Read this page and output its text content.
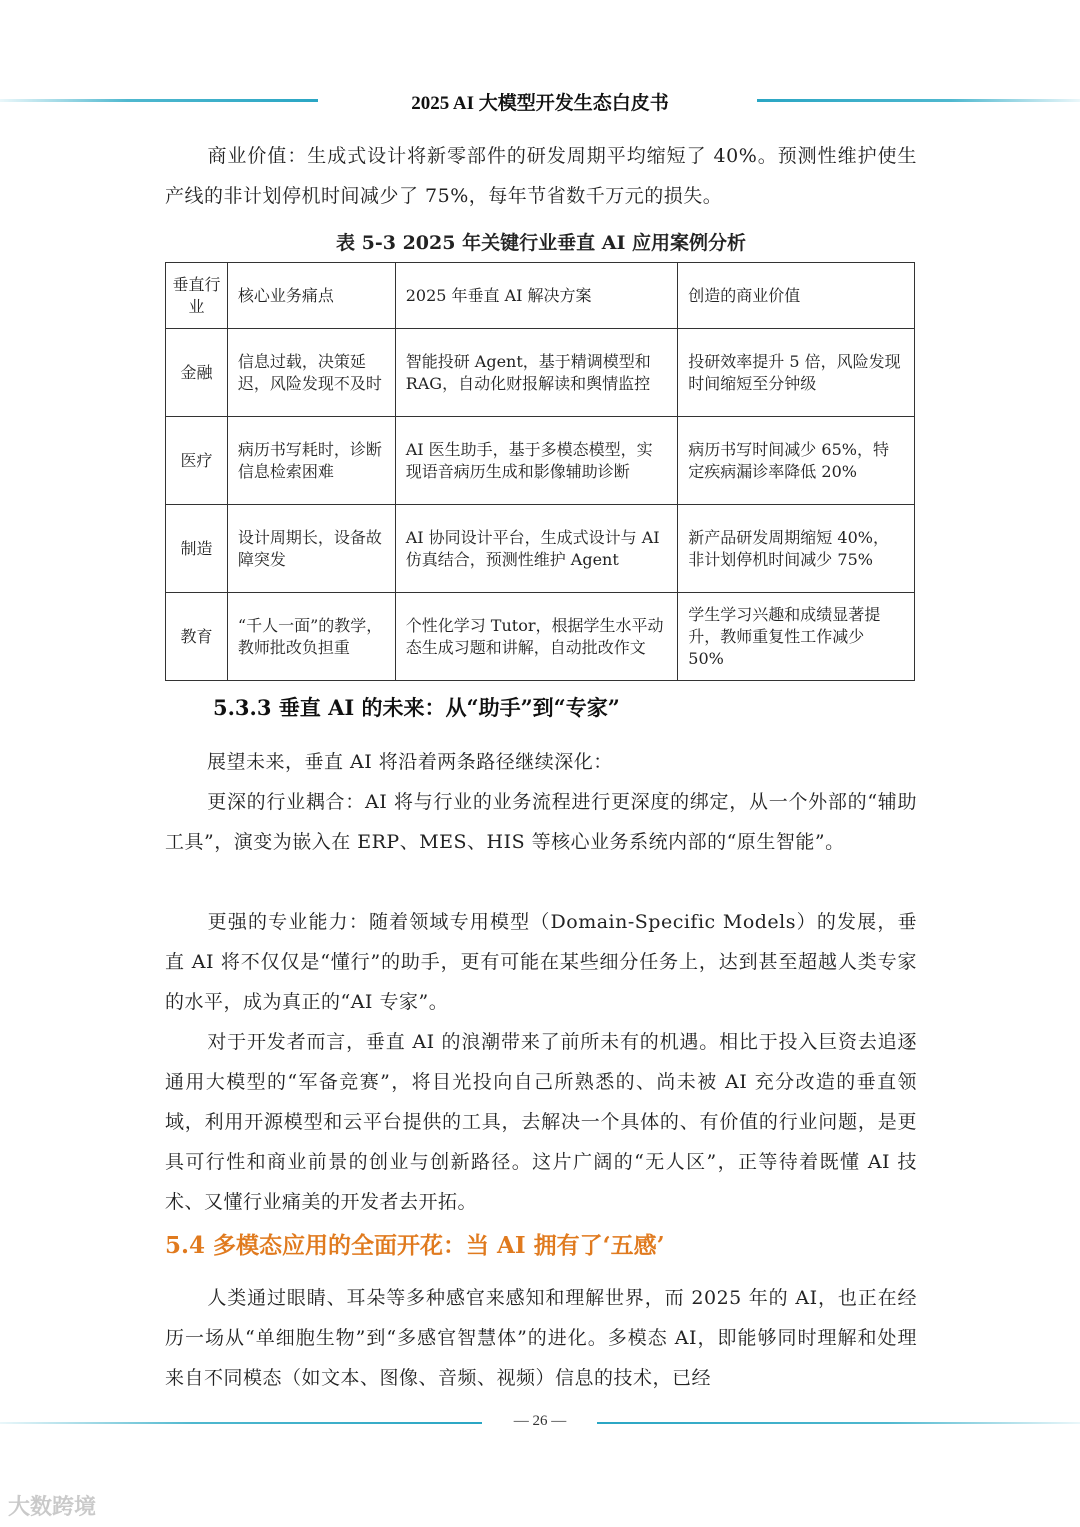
2025 AI 大模型开发生态白皮书

商业价值：生成式设计将新零部件的研发周期平均缩短了 40%。预测性维护使生产线的非计划停机时间减少了 75%，每年节省数千万元的损失。

表 5-3 2025 年关键行业垂直 AI 应用案例分析
垂直行业	核心业务痛点	2025 年垂直 AI 解决方案	创造的商业价值
金融	信息过载，决策延迟，风险发现不及时	智能投研 Agent，基于精调模型和 RAG，自动化财报解读和舆情监控	投研效率提升 5 倍，风险发现时间缩短至分钟级
医疗	病历书写耗时，诊断信息检索困难	AI 医生助手，基于多模态模型，实现语音病历生成和影像辅助诊断	病历书写时间减少 65%，特定疾病漏诊率降低 20%
制造	设计周期长，设备故障突发	AI 协同设计平台，生成式设计与 AI 仿真结合，预测性维护 Agent	新产品研发周期缩短 40%，非计划停机时间减少 75%
教育	“千人一面”的教学，教师批改负担重	个性化学习 Tutor，根据学生水平动态生成习题和讲解，自动批改作文	学生学习兴趣和成绩显著提升，教师重复性工作减少 50%
5.3.3 垂直 AI 的未来：从“助手”到“专家”

展望未来，垂直 AI 将沿着两条路径继续深化：

更深的行业耦合：AI 将与行业的业务流程进行更深度的绑定，从一个外部的“辅助工具”，演变为嵌入在 ERP、MES、HIS 等核心业务系统内部的“原生智能”。

更强的专业能力：随着领域专用模型（Domain-Specific Models）的发展，垂直 AI 将不仅仅是“懂行”的助手，更有可能在某些细分任务上，达到甚至超越人类专家的水平，成为真正的“AI 专家”。

对于开发者而言，垂直 AI 的浪潮带来了前所未有的机遇。相比于投入巨资去追逐通用大模型的“军备竞赛”，将目光投向自己所熟悉的、尚未被 AI 充分改造的垂直领域，利用开源模型和云平台提供的工具，去解决一个具体的、有价值的行业问题，是更具可行性和商业前景的创业与创新路径。这片广阔的“无人区”，正等待着既懂 AI 技术、又懂行业痛美的开发者去开拓。

5.4 多模态应用的全面开花：当 AI 拥有了‘五感’

人类通过眼睛、耳朵等多种感官来感知和理解世界，而 2025 年的 AI，也正在经历一场从“单细胞生物”到“多感官智慧体”的进化。多模态 AI，即能够同时理解和处理来自不同模态（如文本、图像、音频、视频）信息的技术，已经

— 26 —
大数跨境
